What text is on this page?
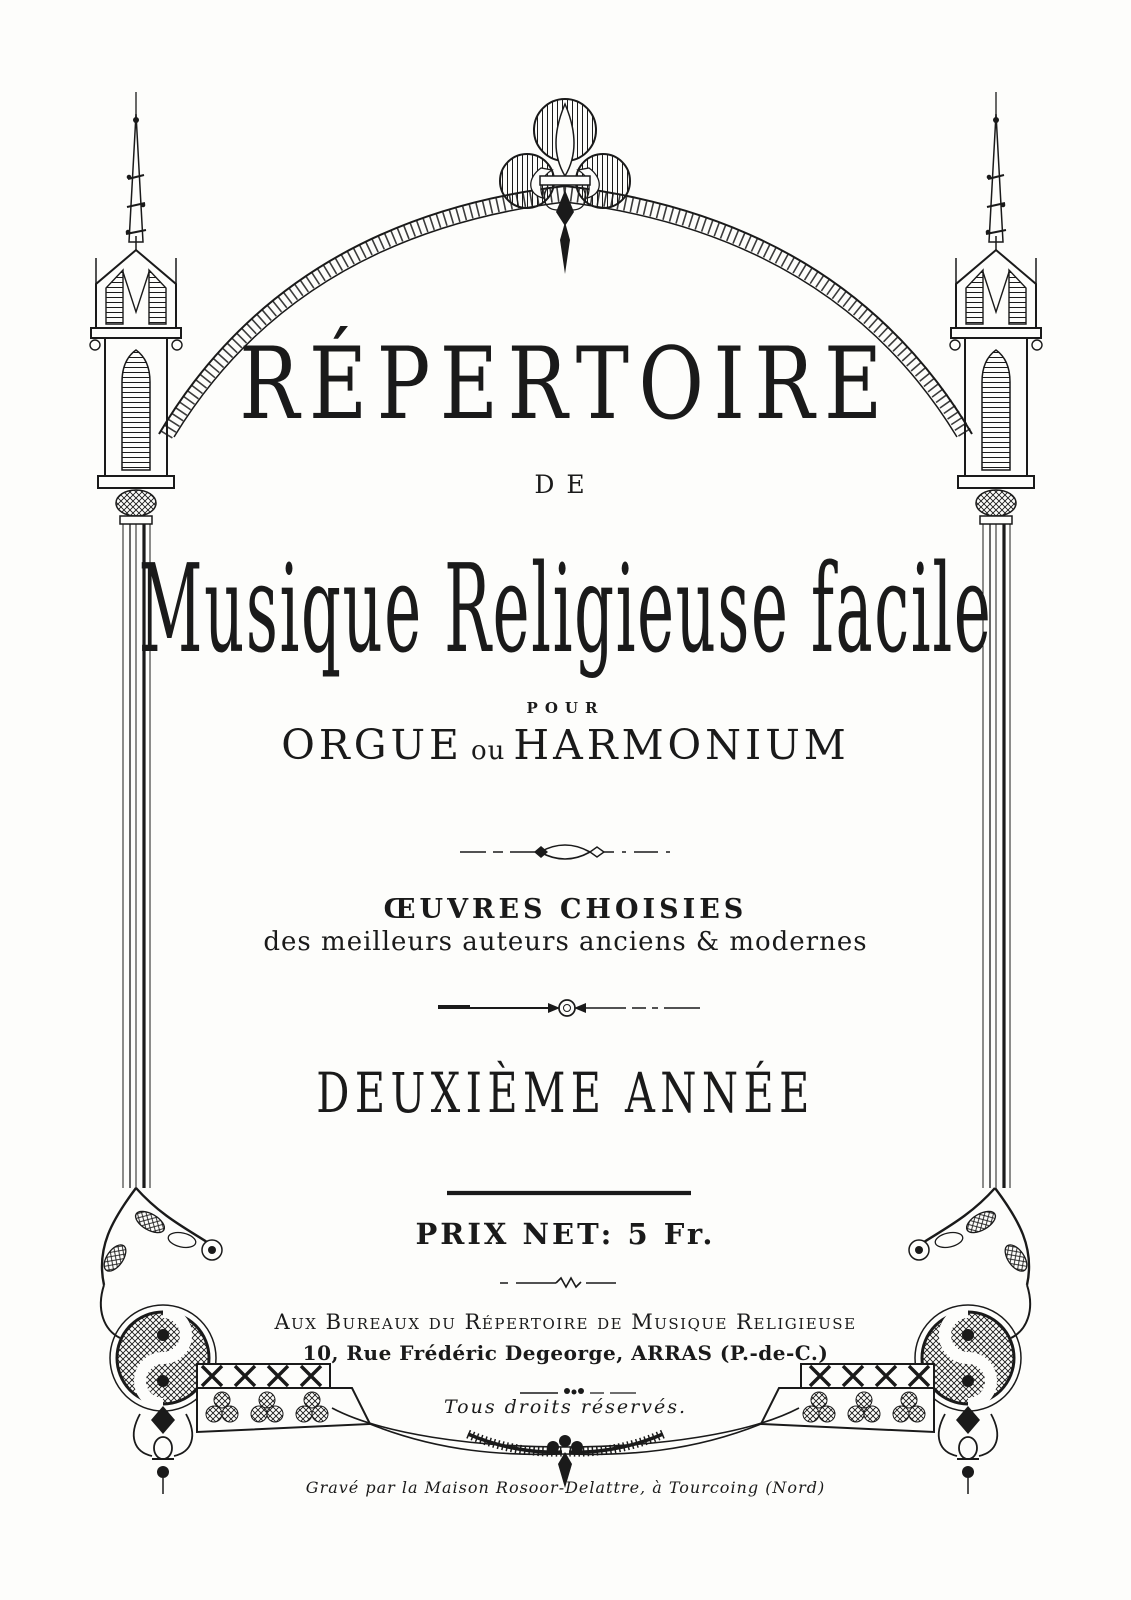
RÉPERTOIRE
DE
Musique Religieuse facile
POUR
ORGUE ou HARMONIUM
ŒUVRES CHOISIES
des meilleurs auteurs anciens & modernes
DEUXIÈME ANNÉE
PRIX NET: 5 Fr.
Aux Bureaux du Répertoire de Musique Religieuse
10, Rue Frédéric Degeorge, ARRAS (P.-de-C.)
Tous droits réservés.
Gravé par la Maison Rosoor-Delattre, à Tourcoing (Nord)
